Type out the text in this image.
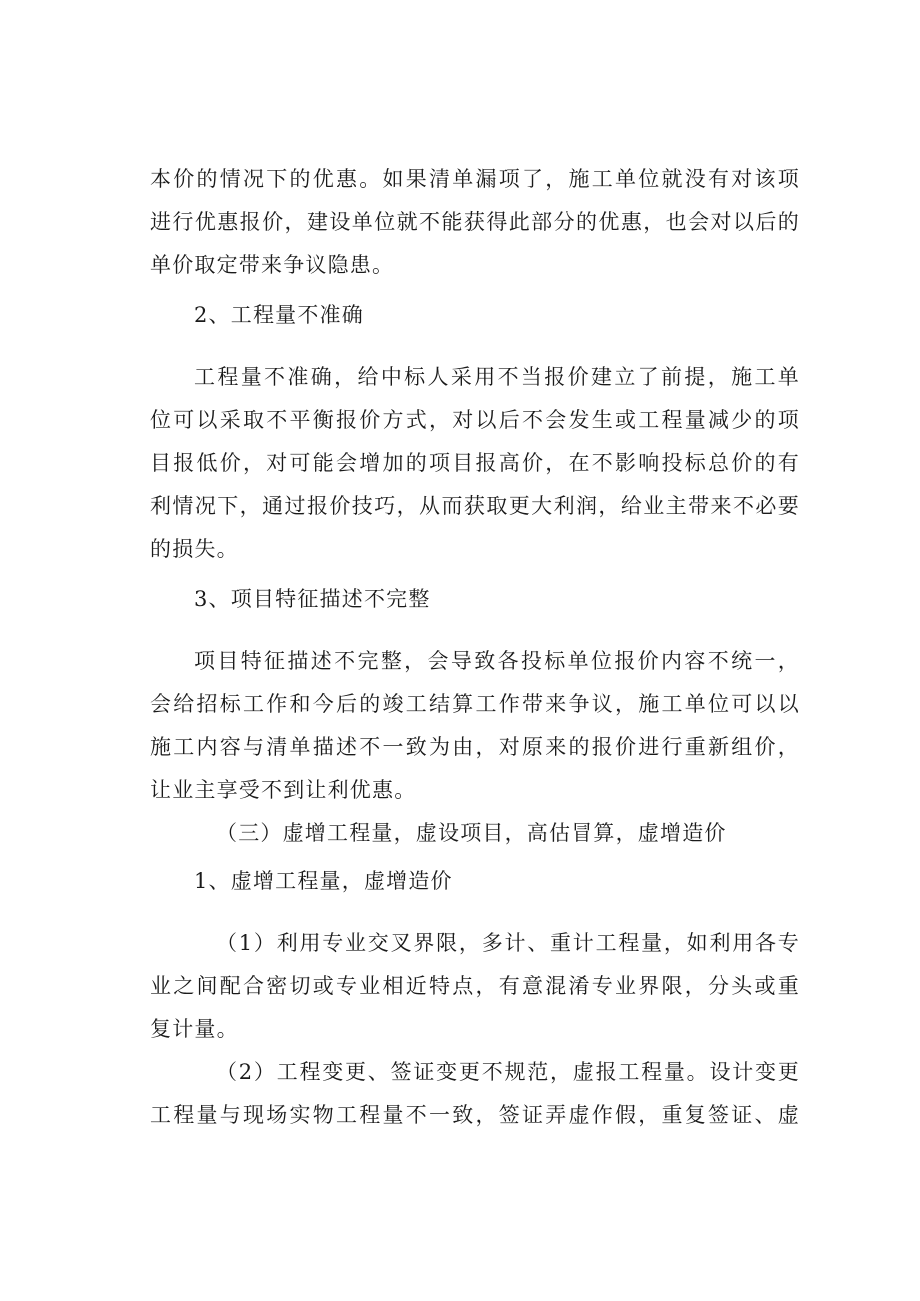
本价的情况下的优惠。如果清单漏项了，施工单位就没有对该项
进行优惠报价，建设单位就不能获得此部分的优惠，也会对以后的
单价取定带来争议隐患。
2、工程量不准确
工程量不准确，给中标人采用不当报价建立了前提，施工单
位可以采取不平衡报价方式，对以后不会发生或工程量减少的项
目报低价，对可能会增加的项目报高价，在不影响投标总价的有
利情况下，通过报价技巧，从而获取更大利润，给业主带来不必要
的损失。
3、项目特征描述不完整
项目特征描述不完整，会导致各投标单位报价内容不统一，
会给招标工作和今后的竣工结算工作带来争议，施工单位可以以
施工内容与清单描述不一致为由，对原来的报价进行重新组价，
让业主享受不到让利优惠。
（三）虚增工程量，虚设项目，高估冒算，虚增造价
1、虚增工程量，虚增造价
（1）利用专业交叉界限，多计、重计工程量，如利用各专
业之间配合密切或专业相近特点，有意混淆专业界限，分头或重
复计量。
（2）工程变更、签证变更不规范，虚报工程量。设计变更
工程量与现场实物工程量不一致，签证弄虚作假，重复签证、虚
